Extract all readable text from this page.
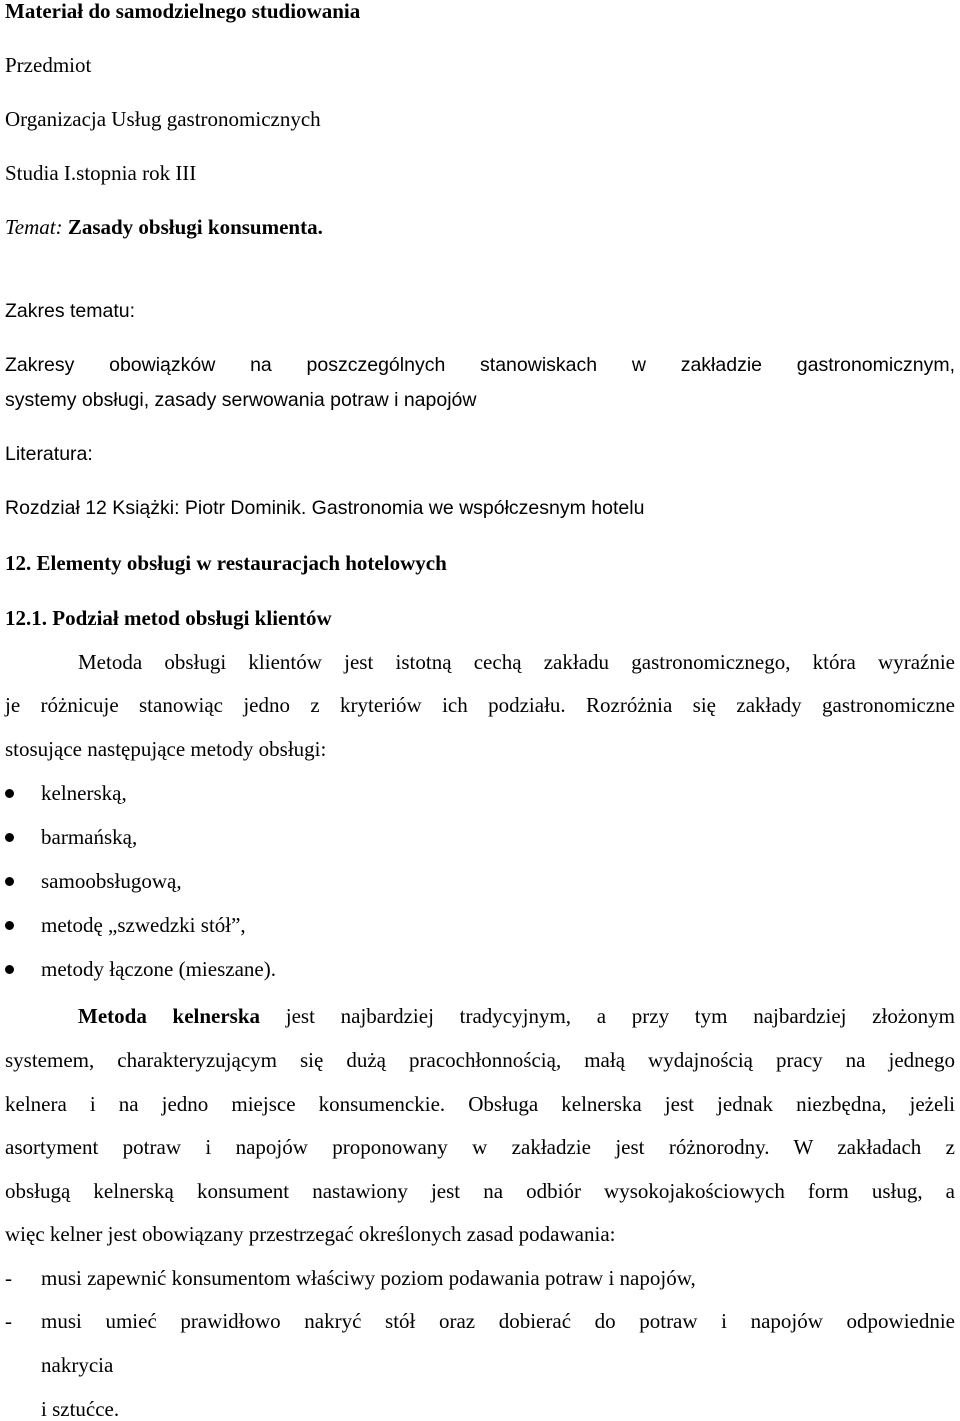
Materiał do samodzielnego studiowania

Przedmiot

Organizacja Usług gastronomicznych

Studia I.stopnia rok III

Temat: Zasady obsługi konsumenta.

Zakres tematu:

Zakresy obowiązków na poszczególnych stanowiskach w zakładzie gastronomicznym,

systemy obsługi, zasady serwowania potraw i napojów

Literatura:

Rozdział 12 Książki: Piotr Dominik. Gastronomia we współczesnym hotelu

12. Elementy obsługi w restauracjach hotelowych

12.1. Podział metod obsługi klientów

Metoda obsługi klientów jest istotną cechą zakładu gastronomicznego, która wyraźnie

je różnicuje stanowiąc jedno z kryteriów ich podziału. Rozróżnia się zakłady gastronomiczne

stosujące następujące metody obsługi:

kelnerską,

barmańską,

samoobsługową,

metodę „szwedzki stół”,

metody łączone (mieszane).

Metoda kelnerska jest najbardziej tradycyjnym, a przy tym najbardziej złożonym

systemem, charakteryzującym się dużą pracochłonnością, małą wydajnością pracy na jednego

kelnera i na jedno miejsce konsumenckie. Obsługa kelnerska jest jednak niezbędna, jeżeli

asortyment potraw i napojów proponowany w zakładzie jest różnorodny. W zakładach z

obsługą kelnerską konsument nastawiony jest na odbiór wysokojakościowych form usług, a

więc kelner jest obowiązany przestrzegać określonych zasad podawania:

- musi zapewnić konsumentom właściwy poziom podawania potraw i napojów,

- musi umieć prawidłowo nakryć stół oraz dobierać do potraw i napojów odpowiednie

nakrycia

i sztućce.
